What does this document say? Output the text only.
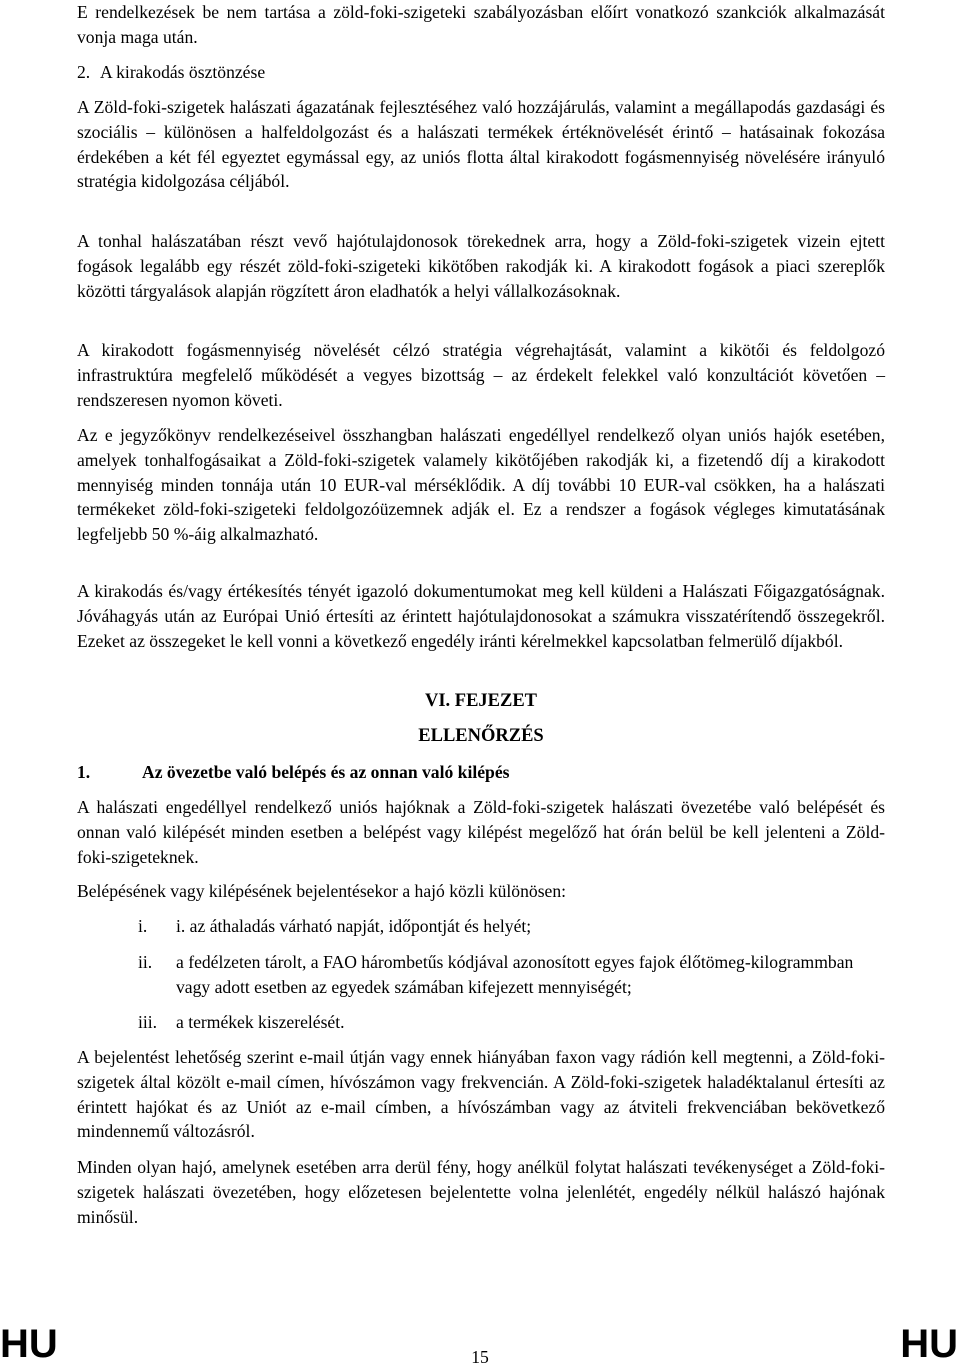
E rendelkezések be nem tartása a zöld-foki-szigeteki szabályozásban előírt vonatkozó szankciók alkalmazását vonja maga után.

2. A kirakodás ösztönzése

A Zöld-foki-szigetek halászati ágazatának fejlesztéséhez való hozzájárulás, valamint a megállapodás gazdasági és szociális – különösen a halfeldolgozást és a halászati termékek értéknövelését érintő – hatásainak fokozása érdekében a két fél egyeztet egymással egy, az uniós flotta által kirakodott fogásmennyiség növelésére irányuló stratégia kidolgozása céljából.

A tonhal halászatában részt vevő hajótulajdonosok törekednek arra, hogy a Zöld-foki-szigetek vizein ejtett fogások legalább egy részét zöld-foki-szigeteki kikötőben rakodják ki. A kirakodott fogások a piaci szereplők közötti tárgyalások alapján rögzített áron eladhatók a helyi vállalkozásoknak.

A kirakodott fogásmennyiség növelését célzó stratégia végrehajtását, valamint a kikötői és feldolgozó infrastruktúra megfelelő működését a vegyes bizottság – az érdekelt felekkel való konzultációt követően – rendszeresen nyomon követi.

Az e jegyzőkönyv rendelkezéseivel összhangban halászati engedéllyel rendelkező olyan uniós hajók esetében, amelyek tonhalfogásaikat a Zöld-foki-szigetek valamely kikötőjében rakodják ki, a fizetendő díj a kirakodott mennyiség minden tonnája után 10 EUR-val mérséklődik. A díj további 10 EUR-val csökken, ha a halászati termékeket zöld-foki-szigeteki feldolgozóüzemnek adják el. Ez a rendszer a fogások végleges kimutatásának legfeljebb 50 %-áig alkalmazható.

A kirakodás és/vagy értékesítés tényét igazoló dokumentumokat meg kell küldeni a Halászati Főigazgatóságnak. Jóváhagyás után az Európai Unió értesíti az érintett hajótulajdonosokat a számukra visszatérítendő összegekről. Ezeket az összegeket le kell vonni a következő engedély iránti kérelmekkel kapcsolatban felmerülő díjakból.

VI. FEJEZET
ELLENŐRZÉS
1.	Az övezetbe való belépés és az onnan való kilépés

A halászati engedéllyel rendelkező uniós hajóknak a Zöld-foki-szigetek halászati övezetébe való belépését és onnan való kilépését minden esetben a belépést vagy kilépést megelőző hat órán belül be kell jelenteni a Zöld-foki-szigeteknek.

Belépésének vagy kilépésének bejelentésekor a hajó közli különösen:

i.	i. az áthaladás várható napját, időpontját és helyét;
ii.	a fedélzeten tárolt, a FAO hárombetűs kódjával azonosított egyes fajok élőtömeg-kilogrammban vagy adott esetben az egyedek számában kifejezett mennyiségét;
iii.	a termékek kiszerelését.

A bejelentést lehetőség szerint e-mail útján vagy ennek hiányában faxon vagy rádión kell megtenni, a Zöld-foki-szigetek által közölt e-mail címen, hívószámon vagy frekvencián. A Zöld-foki-szigetek haladéktalanul értesíti az érintett hajókat és az Uniót az e-mail címben, a hívószámban vagy az átviteli frekvenciában bekövetkező mindennemű változásról.

Minden olyan hajó, amelynek esetében arra derül fény, hogy anélkül folytat halászati tevékenységet a Zöld-foki-szigetek halászati övezetében, hogy előzetesen bejelentette volna jelenlétét, engedély nélkül halászó hajónak minősül.

HU	15	HU
